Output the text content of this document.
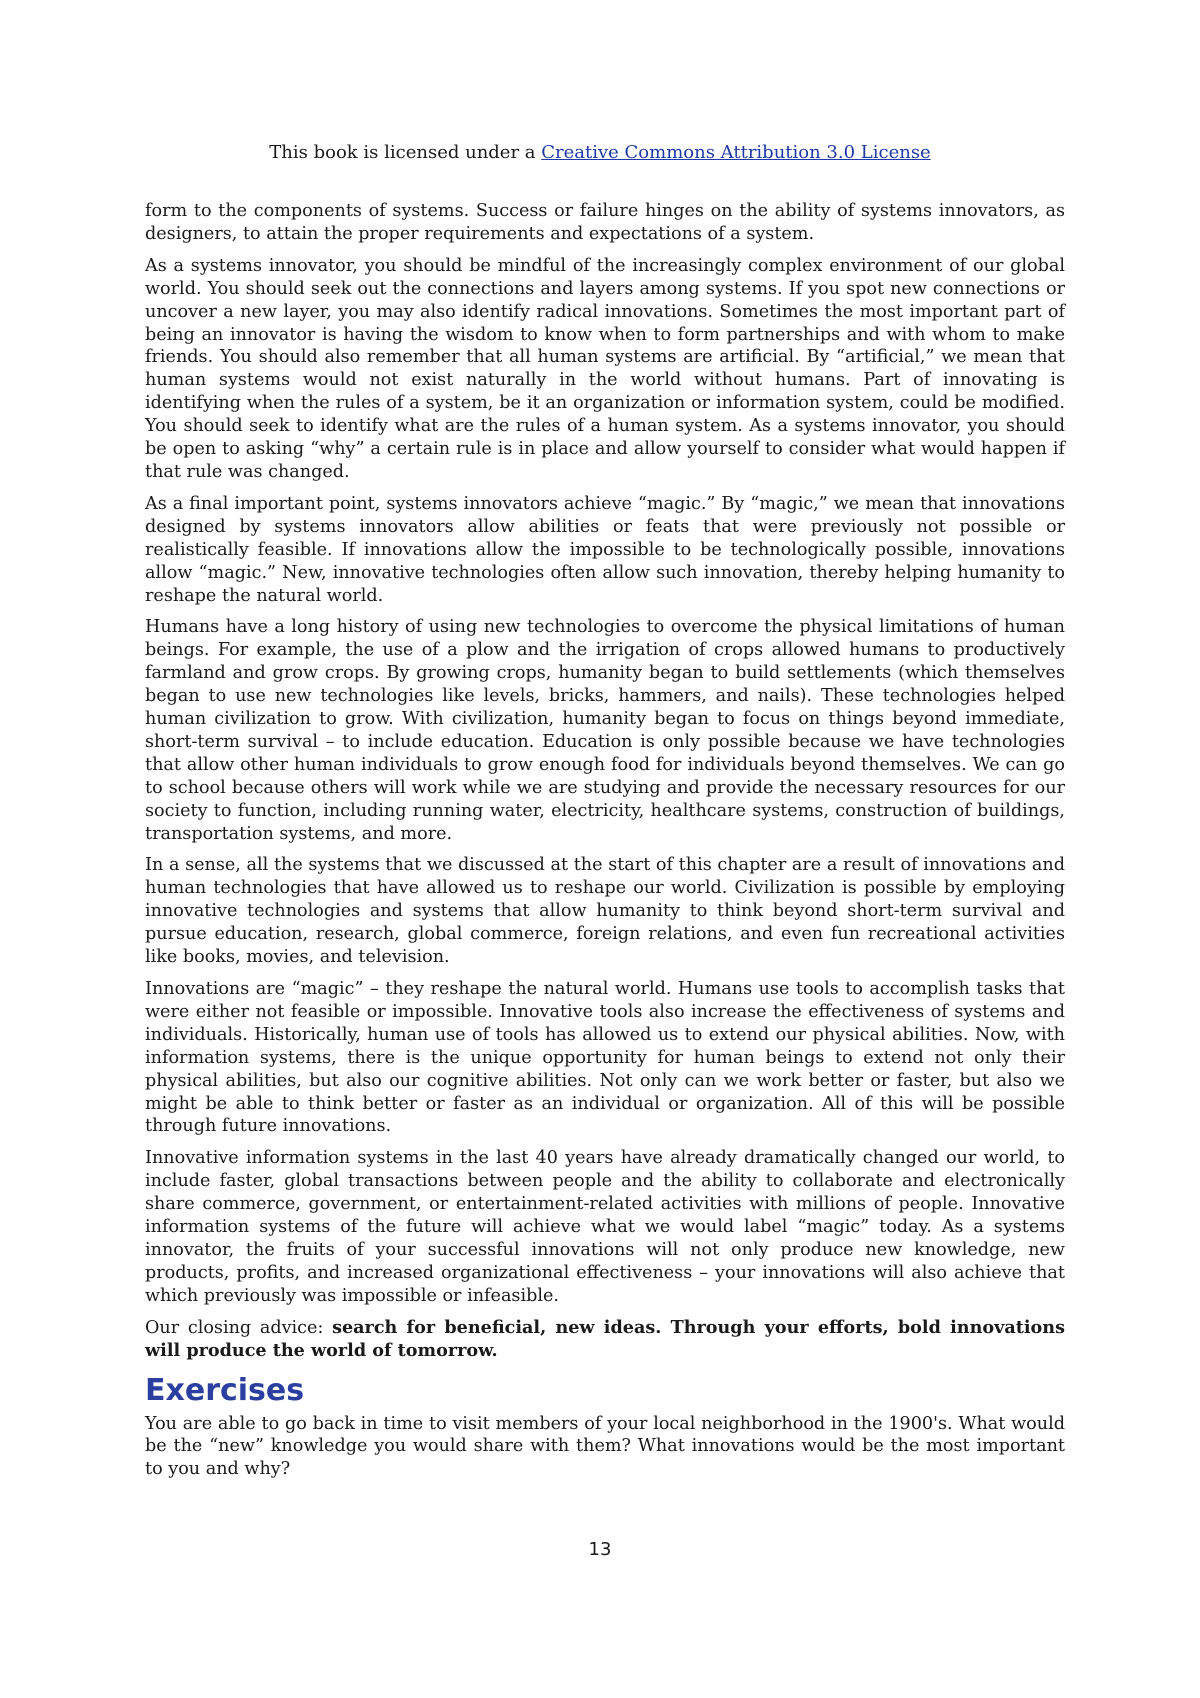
This book is licensed under a Creative Commons Attribution 3.0 License

form to the components of systems. Success or failure hinges on the ability of systems innovators, as designers, to attain the proper requirements and expectations of a system.

As a systems innovator, you should be mindful of the increasingly complex environment of our global world. You should seek out the connections and layers among systems. If you spot new connections or uncover a new layer, you may also identify radical innovations. Sometimes the most important part of being an innovator is having the wisdom to know when to form partnerships and with whom to make friends. You should also remember that all human systems are artificial. By “artificial,” we mean that human systems would not exist naturally in the world without humans. Part of innovating is identifying when the rules of a system, be it an organization or information system, could be modified. You should seek to identify what are the rules of a human system. As a systems innovator, you should be open to asking “why” a certain rule is in place and allow yourself to consider what would happen if that rule was changed.

As a final important point, systems innovators achieve “magic.” By “magic,” we mean that innovations designed by systems innovators allow abilities or feats that were previously not possible or realistically feasible. If innovations allow the impossible to be technologically possible, innovations allow “magic.” New, innovative technologies often allow such innovation, thereby helping humanity to reshape the natural world.

Humans have a long history of using new technologies to overcome the physical limitations of human beings. For example, the use of a plow and the irrigation of crops allowed humans to productively farmland and grow crops. By growing crops, humanity began to build settlements (which themselves began to use new technologies like levels, bricks, hammers, and nails). These technologies helped human civilization to grow. With civilization, humanity began to focus on things beyond immediate, short-term survival – to include education. Education is only possible because we have technologies that allow other human individuals to grow enough food for individuals beyond themselves. We can go to school because others will work while we are studying and provide the necessary resources for our society to function, including running water, electricity, healthcare systems, construction of buildings, transportation systems, and more.

In a sense, all the systems that we discussed at the start of this chapter are a result of innovations and human technologies that have allowed us to reshape our world. Civilization is possible by employing innovative technologies and systems that allow humanity to think beyond short-term survival and pursue education, research, global commerce, foreign relations, and even fun recreational activities like books, movies, and television.

Innovations are “magic” – they reshape the natural world. Humans use tools to accomplish tasks that were either not feasible or impossible. Innovative tools also increase the effectiveness of systems and individuals. Historically, human use of tools has allowed us to extend our physical abilities. Now, with information systems, there is the unique opportunity for human beings to extend not only their physical abilities, but also our cognitive abilities. Not only can we work better or faster, but also we might be able to think better or faster as an individual or organization. All of this will be possible through future innovations.

Innovative information systems in the last 40 years have already dramatically changed our world, to include faster, global transactions between people and the ability to collaborate and electronically share commerce, government, or entertainment-related activities with millions of people. Innovative information systems of the future will achieve what we would label “magic” today. As a systems innovator, the fruits of your successful innovations will not only produce new knowledge, new products, profits, and increased organizational effectiveness – your innovations will also achieve that which previously was impossible or infeasible.

Our closing advice: search for beneficial, new ideas. Through your efforts, bold innovations will produce the world of tomorrow.

Exercises

You are able to go back in time to visit members of your local neighborhood in the 1900's. What would be the “new” knowledge you would share with them? What innovations would be the most important to you and why?

13
